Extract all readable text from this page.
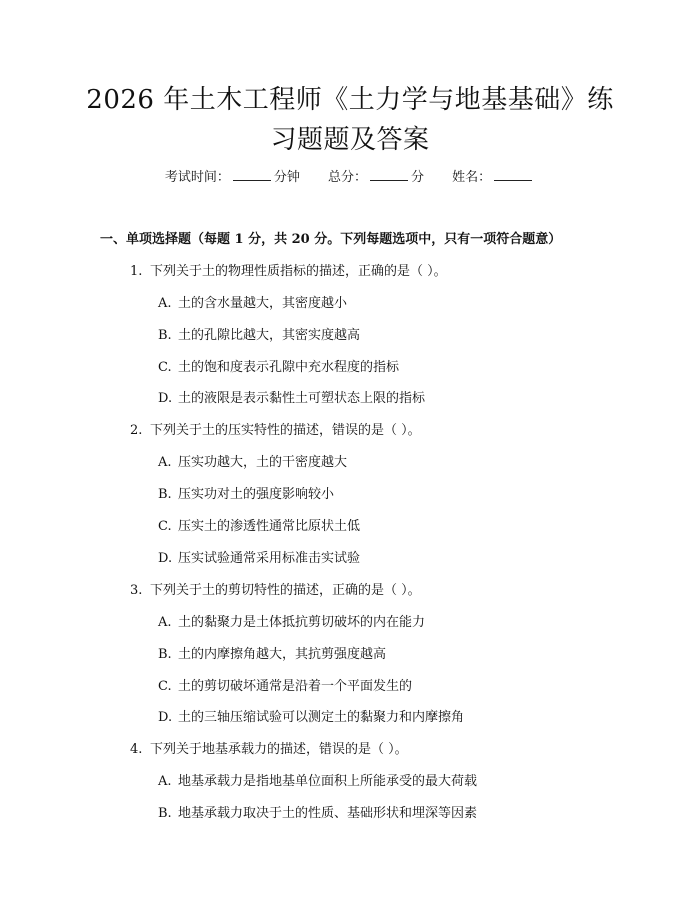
2026 年土木工程师《土力学与地基基础》练
习题题及答案
考试时间：	分钟 总分：	分 姓名：
一、单项选择题（每题 1 分，共 20 分。下列每题选项中，只有一项符合题意）
1. 下列关于土的物理性质指标的描述，正确的是（ ）。
A. 土的含水量越大，其密度越小
B. 土的孔隙比越大，其密实度越高
C. 土的饱和度表示孔隙中充水程度的指标
D. 土的液限是表示黏性土可塑状态上限的指标
2. 下列关于土的压实特性的描述，错误的是（ ）。
A. 压实功越大，土的干密度越大
B. 压实功对土的强度影响较小
C. 压实土的渗透性通常比原状土低
D. 压实试验通常采用标准击实试验
3. 下列关于土的剪切特性的描述，正确的是（ ）。
A. 土的黏聚力是土体抵抗剪切破坏的内在能力
B. 土的内摩擦角越大，其抗剪强度越高
C. 土的剪切破坏通常是沿着一个平面发生的
D. 土的三轴压缩试验可以测定土的黏聚力和内摩擦角
4. 下列关于地基承载力的描述，错误的是（ ）。
A. 地基承载力是指地基单位面积上所能承受的最大荷载
B. 地基承载力取决于土的性质、基础形状和埋深等因素
